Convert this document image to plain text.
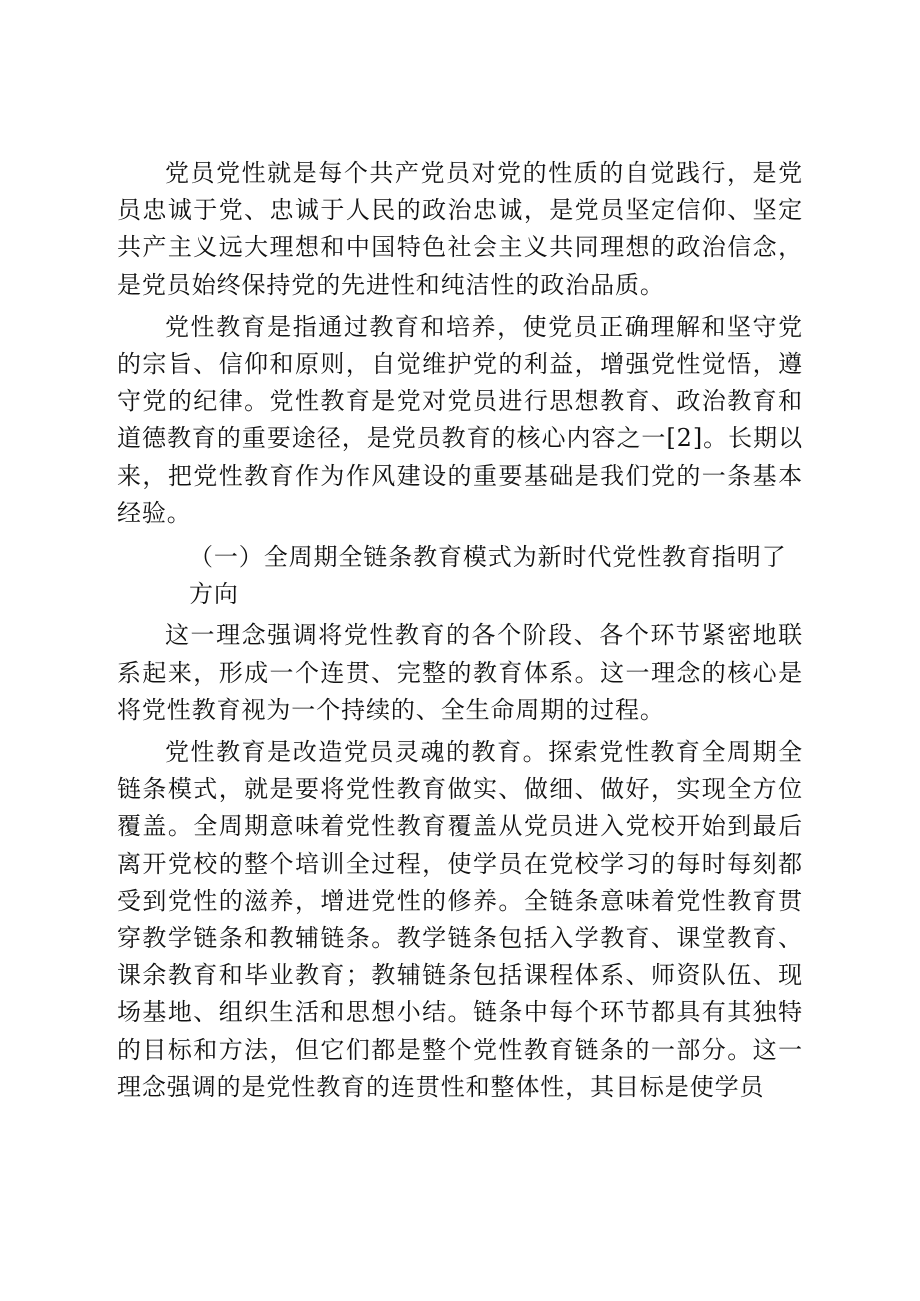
党员党性就是每个共产党员对党的性质的自觉践行，是党员忠诚于党、忠诚于人民的政治忠诚，是党员坚定信仰、坚定共产主义远大理想和中国特色社会主义共同理想的政治信念，是党员始终保持党的先进性和纯洁性的政治品质。

党性教育是指通过教育和培养，使党员正确理解和坚守党的宗旨、信仰和原则，自觉维护党的利益，增强党性觉悟，遵守党的纪律。党性教育是党对党员进行思想教育、政治教育和道德教育的重要途径，是党员教育的核心内容之一[2]。长期以来，把党性教育作为作风建设的重要基础是我们党的一条基本经验。

（一）全周期全链条教育模式为新时代党性教育指明了方向

这一理念强调将党性教育的各个阶段、各个环节紧密地联系起来，形成一个连贯、完整的教育体系。这一理念的核心是将党性教育视为一个持续的、全生命周期的过程。

党性教育是改造党员灵魂的教育。探索党性教育全周期全链条模式，就是要将党性教育做实、做细、做好，实现全方位覆盖。全周期意味着党性教育覆盖从党员进入党校开始到最后离开党校的整个培训全过程，使学员在党校学习的每时每刻都受到党性的滋养，增进党性的修养。全链条意味着党性教育贯穿教学链条和教辅链条。教学链条包括入学教育、课堂教育、课余教育和毕业教育；教辅链条包括课程体系、师资队伍、现场基地、组织生活和思想小结。链条中每个环节都具有其独特的目标和方法，但它们都是整个党性教育链条的一部分。这一理念强调的是党性教育的连贯性和整体性，其目标是使学员
